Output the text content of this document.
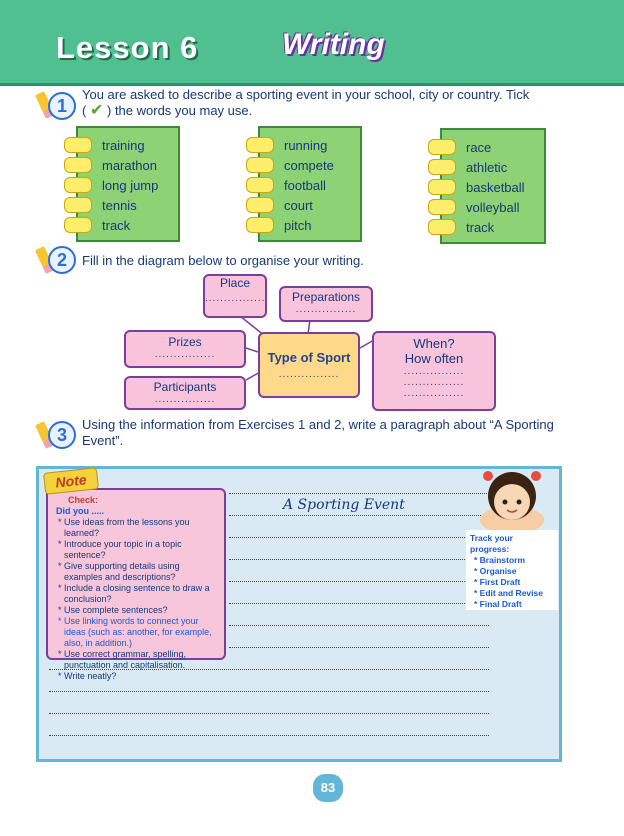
Lesson 6	Writing
1
You are asked to describe a sporting event in your school, city or country. Tick
( ✔ ) the words you may use.
training
marathon
long jump
tennis
track
running
compete
football
court
pitch
race
athletic
basketball
volleyball
track
2	Fill in the diagram below to organise your writing.
Place
................	Preparations
................
Prizes
................	Type of Sport
................
Participants
................
When?
How often
................
................
................
3
Using the information from Exercises 1 and 2, write a paragraph about “A Sporting
Event”.
A Sporting Event
Check:
Did you .....
* Use ideas from the lessons you learned?
* Introduce your topic in a topic sentence?
* Give supporting details using examples and descriptions?
* Include a closing sentence to draw a conclusion?
* Use complete sentences?
* Use linking words to connect your ideas (such as: another, for example, also, in addition.)
* Use correct grammar, spelling, punctuation and capitalisation.
* Write neatly?
Note
Track your progress:
* Brainstorm
* Organise
* First Draft
* Edit and Revise
* Final Draft
83
